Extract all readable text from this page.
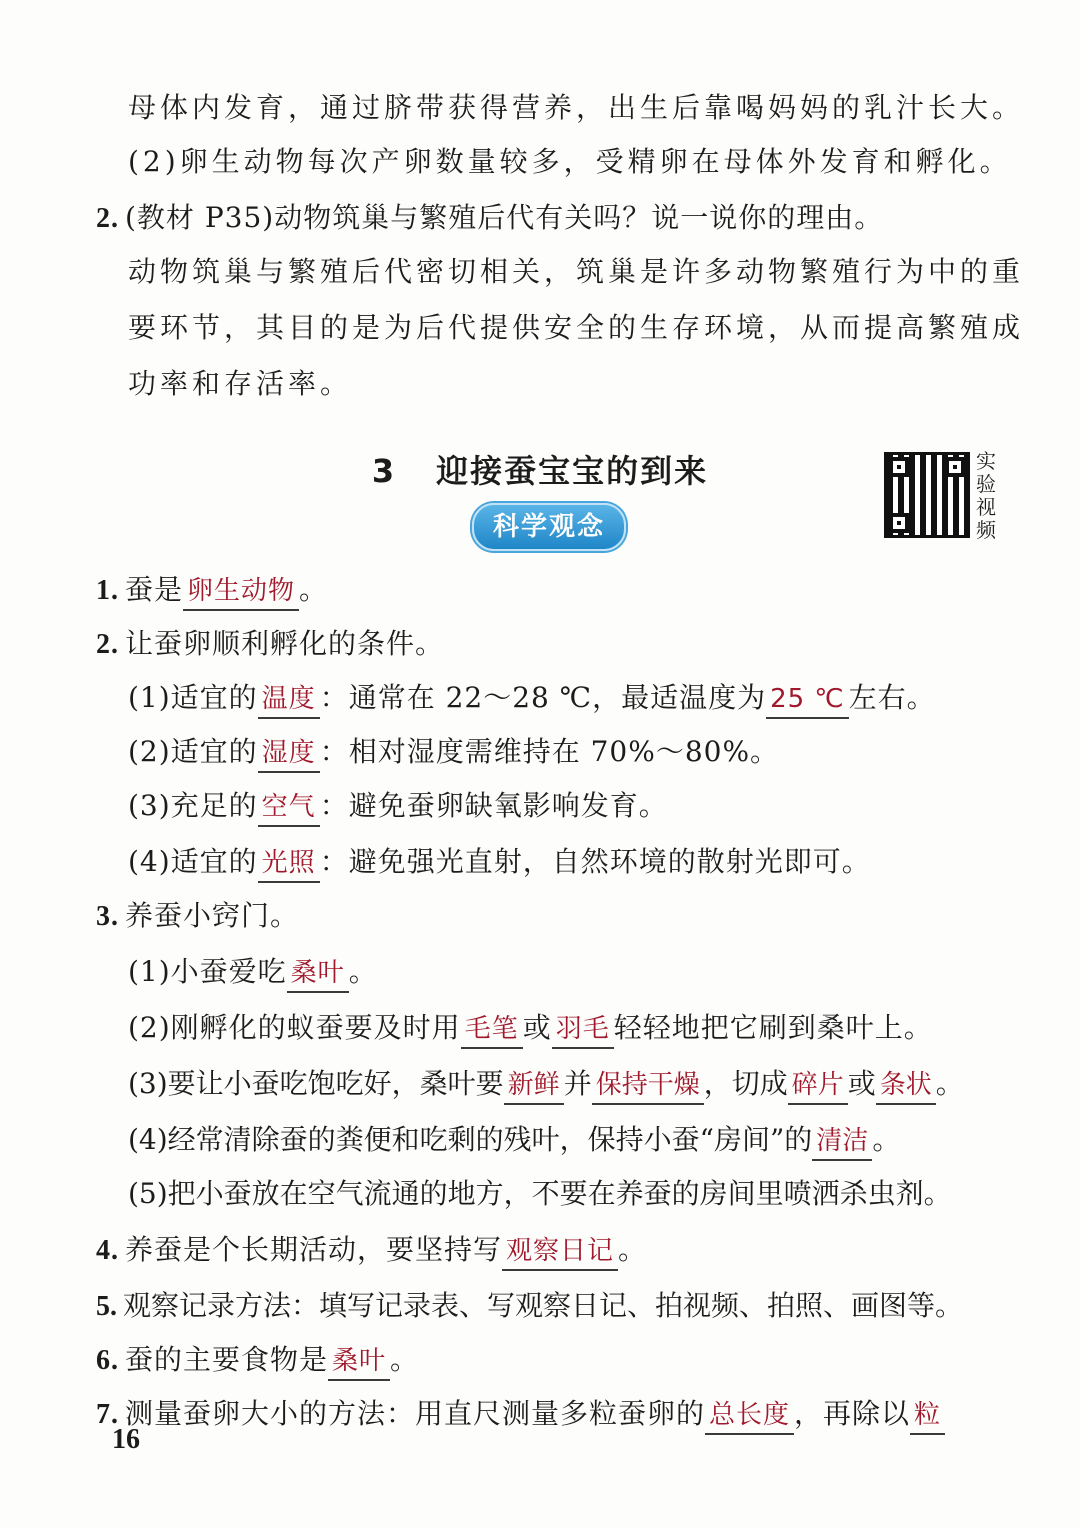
母体内发育，通过脐带获得营养，出生后靠喝妈妈的乳汁长大。
(2)卵生动物每次产卵数量较多，受精卵在母体外发育和孵化。
2. (教材 P35)动物筑巢与繁殖后代有关吗？说一说你的理由。
动物筑巢与繁殖后代密切相关，筑巢是许多动物繁殖行为中的重
要环节，其目的是为后代提供安全的生存环境，从而提高繁殖成
功率和存活率。
3 迎接蚕宝宝的到来	实验视频
科学观念
1. 蚕是 卵生动物 。
2. 让蚕卵顺利孵化的条件。
(1)适宜的 温度 ：通常在 22～28 ℃，最适温度为 25 ℃ 左右。
(2)适宜的 湿度 ：相对湿度需维持在 70%～80%。
(3)充足的 空气 ：避免蚕卵缺氧影响发育。
(4)适宜的 光照 ：避免强光直射，自然环境的散射光即可。
3. 养蚕小窍门。
(1)小蚕爱吃 桑叶 。
(2)刚孵化的蚁蚕要及时用 毛笔 或 羽毛 轻轻地把它刷到桑叶上。
(3)要让小蚕吃饱吃好，桑叶要 新鲜 并 保持干燥 ，切成 碎片 或 条状 。
(4)经常清除蚕的粪便和吃剩的残叶，保持小蚕“房间”的 清洁 。
(5)把小蚕放在空气流通的地方，不要在养蚕的房间里喷洒杀虫剂。
4. 养蚕是个长期活动，要坚持写 观察日记 。
5. 观察记录方法：填写记录表、写观察日记、拍视频、拍照、画图等。
6. 蚕的主要食物是 桑叶 。
7. 测量蚕卵大小的方法：用直尺测量多粒蚕卵的 总长度 ，再除以 粒
16
